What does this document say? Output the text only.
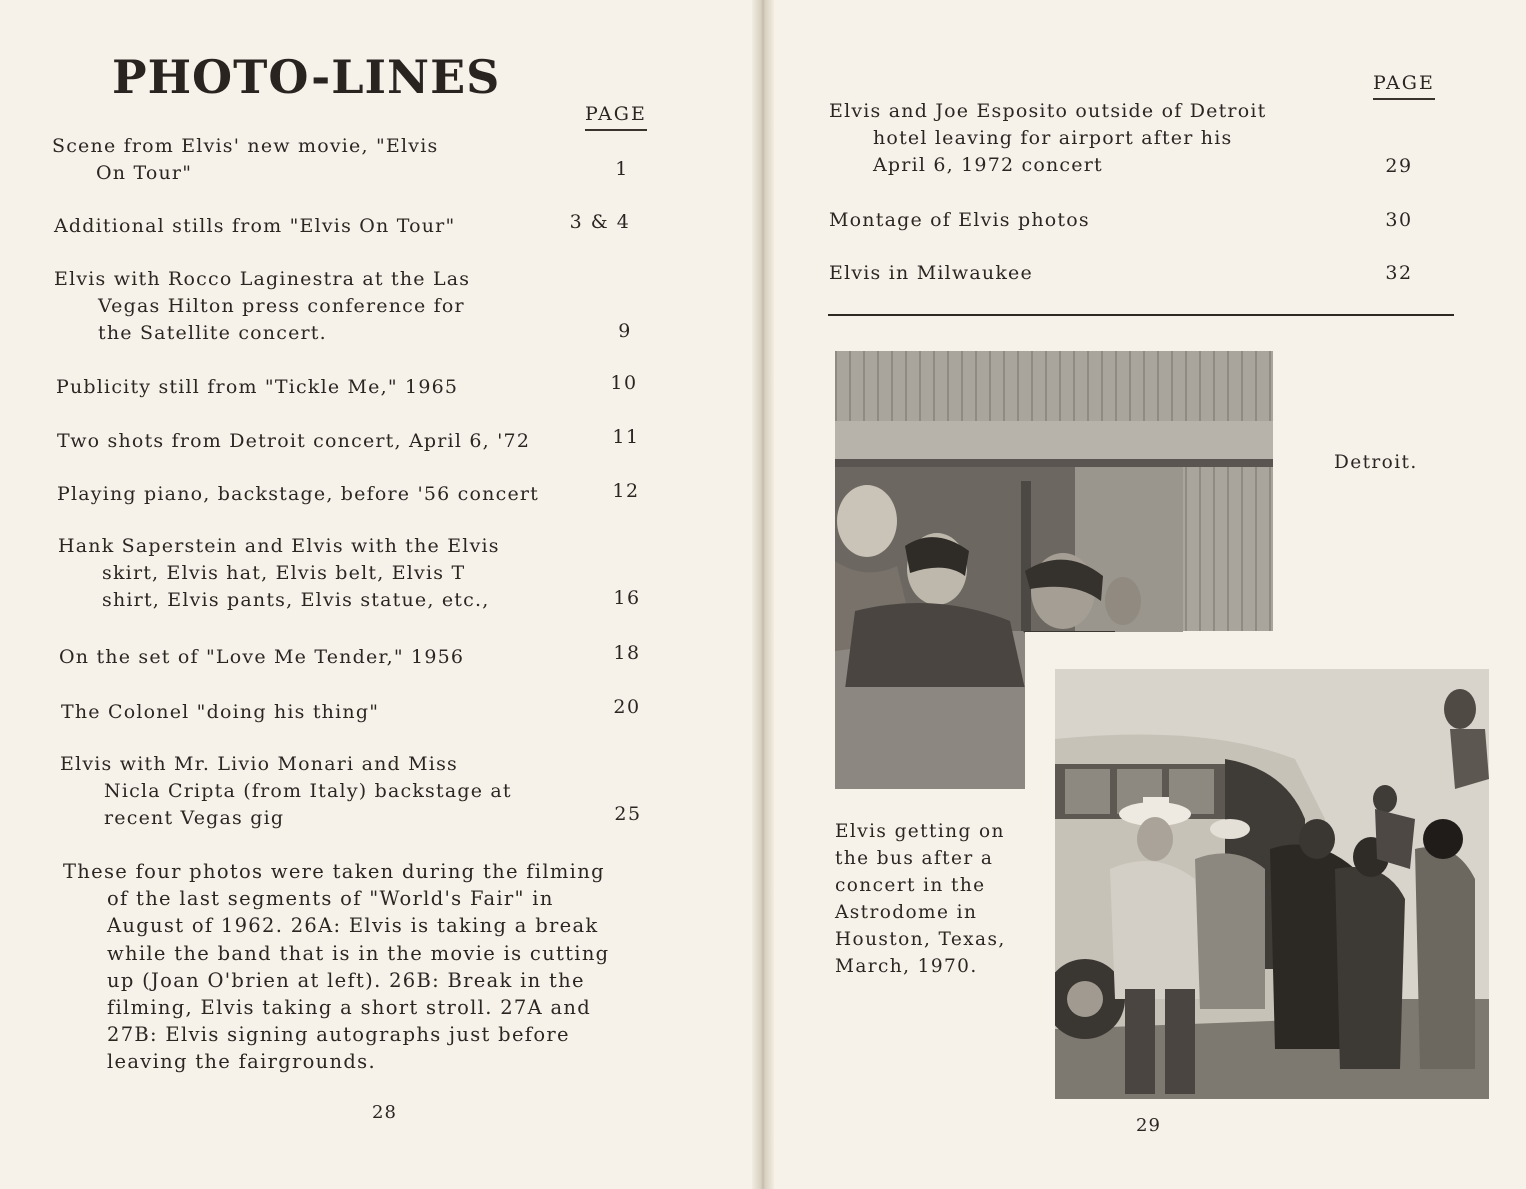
PHOTO-LINES
PAGE
Scene from Elvis' new movie, "Elvis
On Tour"	1
Additional stills from "Elvis On Tour"	3 & 4
Elvis with Rocco Laginestra at the Las
Vegas Hilton press conference for
the Satellite concert.	9
Publicity still from "Tickle Me," 1965	10
Two shots from Detroit concert, April 6, '72	11
Playing piano, backstage, before '56 concert	12
Hank Saperstein and Elvis with the Elvis
skirt, Elvis hat, Elvis belt, Elvis T
shirt, Elvis pants, Elvis statue, etc.,	16
On the set of "Love Me Tender," 1956	18
The Colonel "doing his thing"	20
Elvis with Mr. Livio Monari and Miss
Nicla Cripta (from Italy) backstage at
recent Vegas gig	25
These four photos were taken during the filming
of the last segments of "World's Fair" in
August of 1962. 26A: Elvis is taking a break
while the band that is in the movie is cutting
up (Joan O'brien at left). 26B: Break in the
filming, Elvis taking a short stroll. 27A and
27B: Elvis signing autographs just before
leaving the fairgrounds.
28
PAGE
Elvis and Joe Esposito outside of Detroit
hotel leaving for airport after his
April 6, 1972 concert	29
Montage of Elvis photos	30
Elvis in Milwaukee	32
Detroit.
Elvis getting on
the bus after a
concert in the
Astrodome in
Houston, Texas,
March, 1970.
29
